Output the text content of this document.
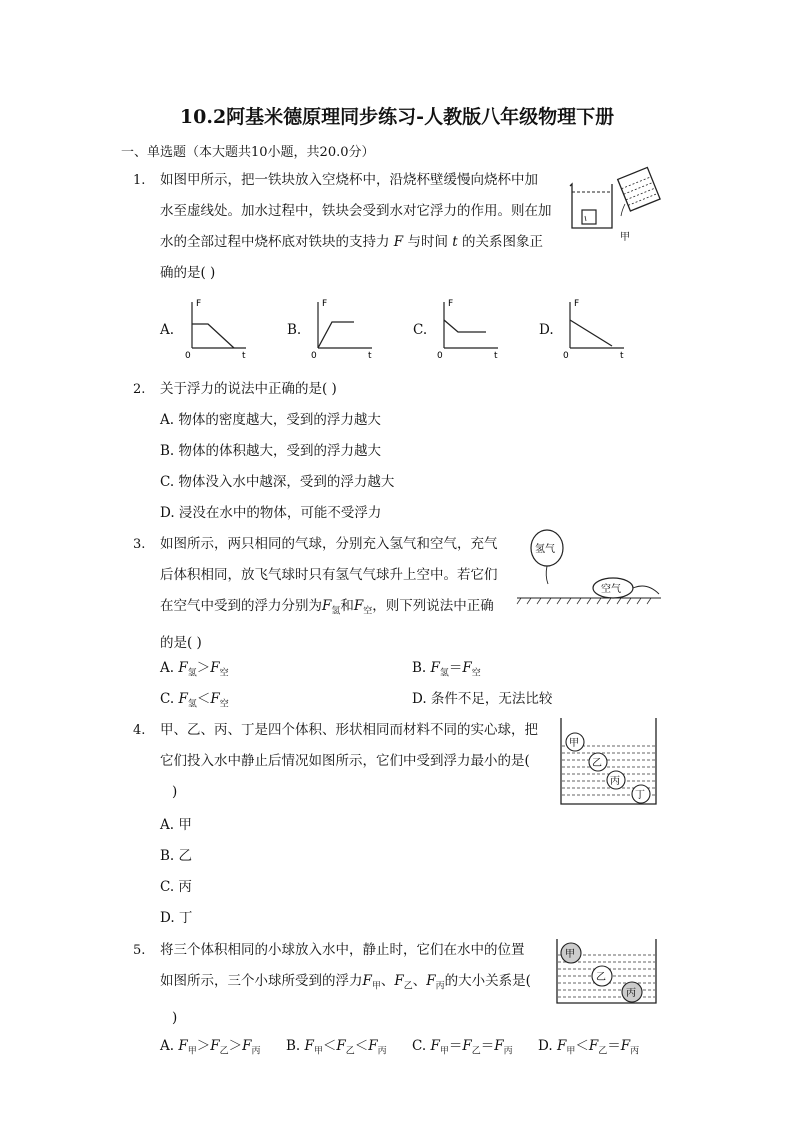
10.2阿基米德原理同步练习-人教版八年级物理下册
一、单选题（本大题共10小题，共20.0分）
1.	如图甲所示，把一铁块放入空烧杯中，沿烧杯壁缓慢向烧杯中加
水至虚线处。加水过程中，铁块会受到水对它浮力的作用。则在加
水的全部过程中烧杯底对铁块的支持力 F 与时间 t 的关系图象正
确的是( )
甲
A.
F
0	t
B.
F
0	t
C.
F
0	t
D.
F
0	t
2.	关于浮力的说法中正确的是( )
A. 物体的密度越大，受到的浮力越大
B. 物体的体积越大，受到的浮力越大
C. 物体没入水中越深，受到的浮力越大
D. 浸没在水中的物体，可能不受浮力
3.	如图所示，两只相同的气球，分别充入氢气和空气，充气
后体积相同，放飞气球时只有氢气气球升上空中。若它们
在空气中受到的浮力分别为$F_氢$和$F_空$，则下列说法中正确
的是( )
氢气
空气
A. $F_氢>F_空$	B. $F_氢=F_空$
C. $F_氢<F_空$	D. 条件不足，无法比较
4.	甲、乙、丙、丁是四个体积、形状相同而材料不同的实心球，把
它们投入水中静止后情况如图所示，它们中受到浮力最小的是(
)
甲
乙
丙
丁
A. 甲
B. 乙
C. 丙
D. 丁
5.	将三个体积相同的小球放入水中，静止时，它们在水中的位置
如图所示，三个小球所受到的浮力$F_甲$、$F_乙$、$F_丙$的大小关系是(
)
甲
乙
丙
A. $F_甲>F_乙>F_丙$ B. $F_甲<F_乙<F_丙$ C. $F_甲=F_乙=F_丙$ D. $F_甲<F_乙=F_丙$
